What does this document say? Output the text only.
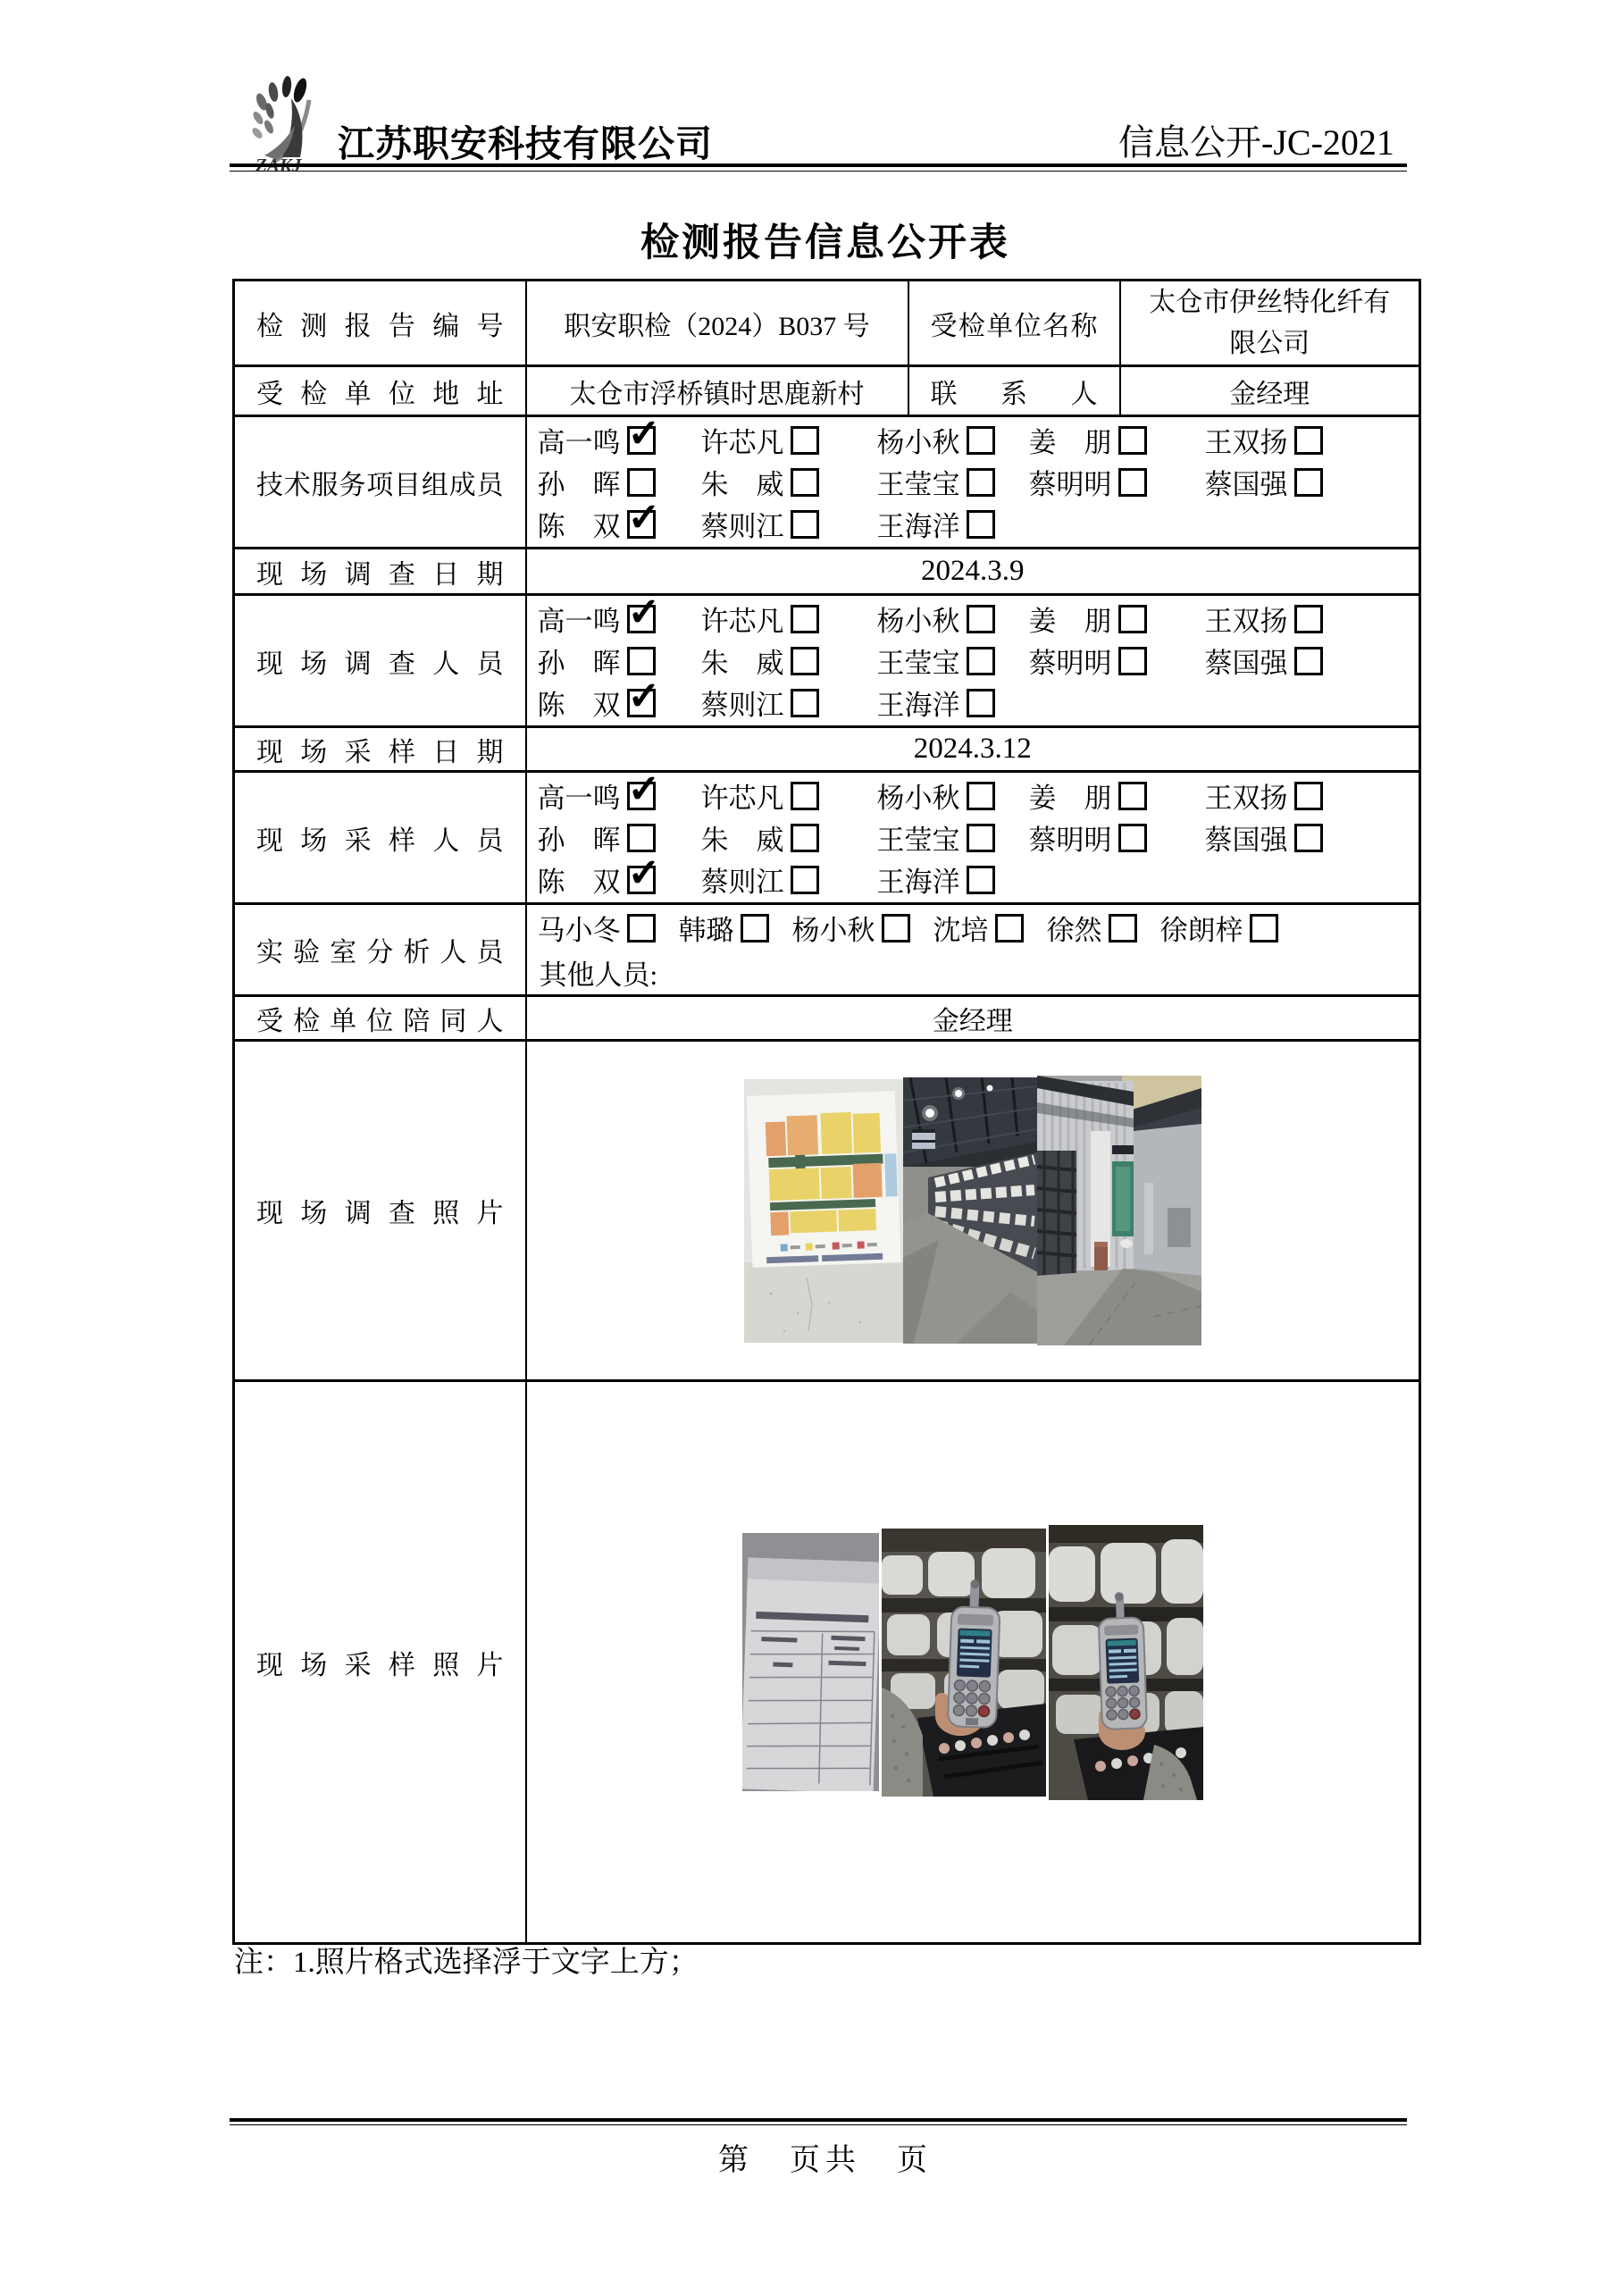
ZAKJ
江苏职安科技有限公司	信息公开-JC-2021
检测报告信息公开表
检测报告编号	职安职检（2024）B037 号	受检单位名称	太仓市伊丝特化纤有限公司
受检单位地址	太仓市浮桥镇时思鹿新村	联系人	金经理
技术服务项目组成员	
高一鸣 ✓	许芯凡	杨小秋 姜　朋	王双扬
孙　晖	朱　威	王莹宝 蔡明明	蔡国强
陈　双 ✓	蔡则江	王海洋

现场调查日期	2024.3.9		
现场调查人员	
高一鸣 ✓	许芯凡	杨小秋 姜　朋	王双扬
孙　晖	朱　威	王莹宝 蔡明明	蔡国强
陈　双 ✓	蔡则江	王海洋

现场采样日期	2024.3.12		
现场采样人员	
高一鸣 ✓	许芯凡	杨小秋 姜　朋	王双扬
孙　晖	朱　威	王莹宝 蔡明明	蔡国强
陈　双 ✓	蔡则江	王海洋

实验室分析人员	
马小冬 韩璐 杨小秋 沈培 徐然 徐朗梓
其他人员:

受检单位陪同人	金经理		
现场调查照片	

现场采样照片	
注：1.照片格式选择浮于文字上方；
第　页共　页
